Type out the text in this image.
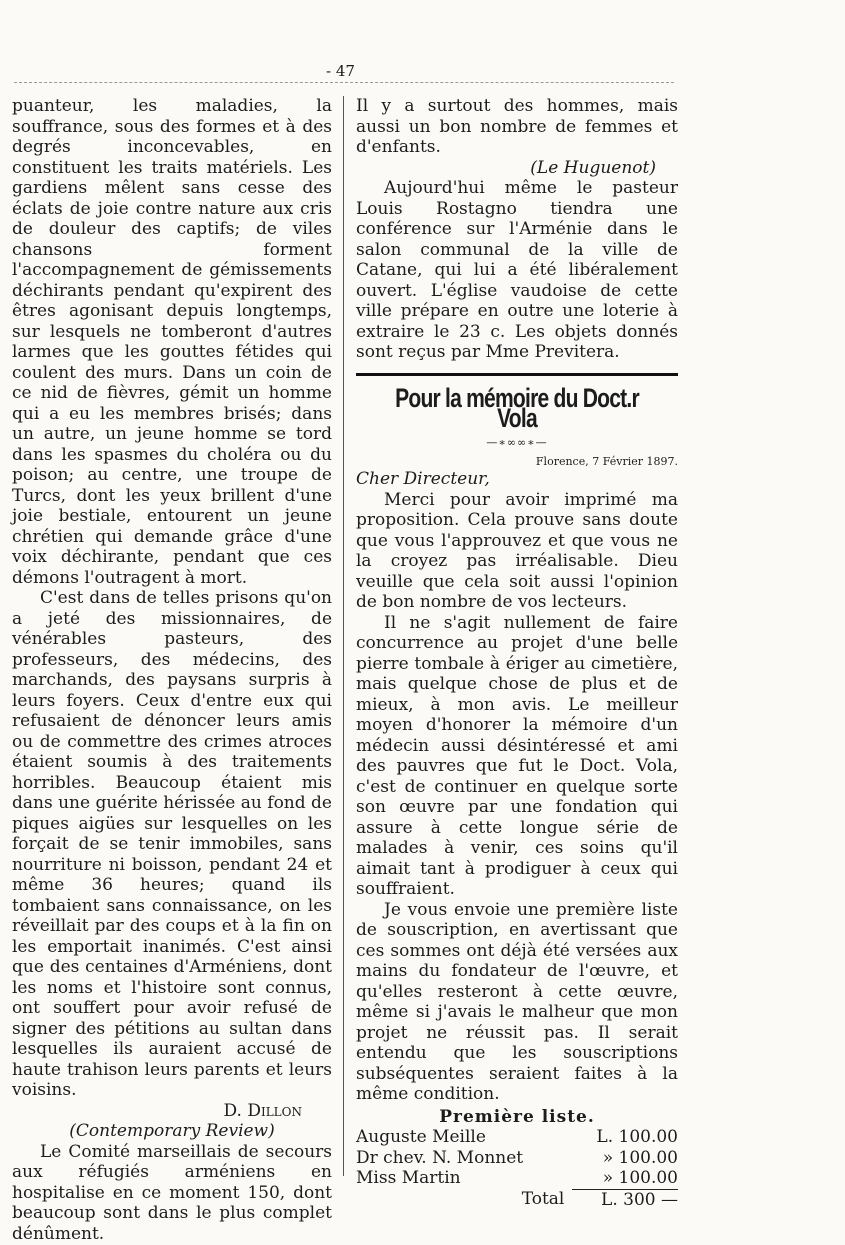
- 47

puanteur, les maladies, la souffrance, sous des formes et à des degrés inconcevables, en constituent les traits matériels. Les gardiens mêlent sans cesse des éclats de joie contre nature aux cris de douleur des captifs; de viles chansons forment l'accompagnement de gémissements déchirants pendant qu'expirent des êtres agonisant depuis longtemps, sur lesquels ne tomberont d'autres larmes que les gouttes fétides qui coulent des murs. Dans un coin de ce nid de fièvres, gémit un homme qui a eu les membres brisés; dans un autre, un jeune homme se tord dans les spasmes du choléra ou du poison; au centre, une troupe de Turcs, dont les yeux brillent d'une joie bestiale, entourent un jeune chrétien qui demande grâce d'une voix déchirante, pendant que ces démons l'outragent à mort.

C'est dans de telles prisons qu'on a jeté des missionnaires, de vénérables pasteurs, des professeurs, des médecins, des marchands, des paysans surpris à leurs foyers. Ceux d'entre eux qui refusaient de dénoncer leurs amis ou de commettre des crimes atroces étaient soumis à des traitements horribles. Beaucoup étaient mis dans une guérite hérissée au fond de piques aigües sur lesquelles on les forçait de se tenir immobiles, sans nourriture ni boisson, pendant 24 et même 36 heures; quand ils tombaient sans connaissance, on les réveillait par des coups et à la fin on les emportait inanimés. C'est ainsi que des centaines d'Arméniens, dont les noms et l'histoire sont connus, ont souffert pour avoir refusé de signer des pétitions au sultan dans lesquelles ils auraient accusé de haute trahison leurs parents et leurs voisins.

D. Dillon

(Contemporary Review)

Le Comité marseillais de secours aux réfugiés arméniens en hospitalise en ce moment 150, dont beaucoup sont dans le plus complet dénûment.

Il y a surtout des hommes, mais aussi un bon nombre de femmes et d'enfants.

(Le Huguenot)

Aujourd'hui même le pasteur Louis Rostagno tiendra une conférence sur l'Arménie dans le salon communal de la ville de Catane, qui lui a été libéralement ouvert. L'église vaudoise de cette ville prépare en outre une loterie à extraire le 23 c. Les objets donnés sont reçus par Mme Previtera.

Pour la mémoire du Doct.r Vola
—∗∞∞∗—
Florence, 7 Février 1897.

Cher Directeur,

Merci pour avoir imprimé ma proposition. Cela prouve sans doute que vous l'approuvez et que vous ne la croyez pas irréalisable. Dieu veuille que cela soit aussi l'opinion de bon nombre de vos lecteurs.

Il ne s'agit nullement de faire concurrence au projet d'une belle pierre tombale à ériger au cimetière, mais quelque chose de plus et de mieux, à mon avis. Le meilleur moyen d'honorer la mémoire d'un médecin aussi désintéressé et ami des pauvres que fut le Doct. Vola, c'est de continuer en quelque sorte son œuvre par une fondation qui assure à cette longue série de malades à venir, ces soins qu'il aimait tant à prodiguer à ceux qui souffraient.

Je vous envoie une première liste de souscription, en avertissant que ces sommes ont déjà été versées aux mains du fondateur de l'œuvre, et qu'elles resteront à cette œuvre, même si j'avais le malheur que mon projet ne réussit pas. Il serait entendu que les souscriptions subséquentes seraient faites à la même condition.

Première liste.
Auguste Meille	L. 100.00
Dr chev. N. Monnet	» 100.00
Miss Martin	» 100.00
Total	L. 300 —
